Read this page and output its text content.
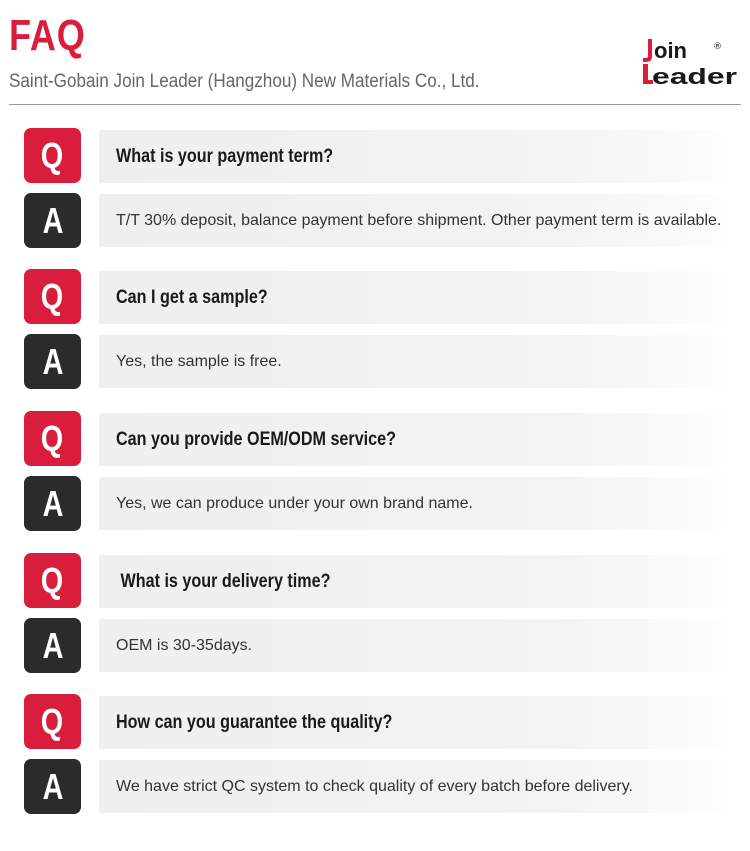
FAQ
Saint-Gobain Join Leader (Hangzhou) New Materials Co., Ltd.
oin
eader
®
Q	What is your payment term?
A	T/T 30% deposit, balance payment before shipment. Other payment term is available.
Q	Can I get a sample?
A	Yes, the sample is free.
Q	Can you provide OEM/ODM service?
A	Yes, we can produce under your own brand name.
Q	What is your delivery time?
A	OEM is 30-35days.
Q	How can you guarantee the quality?
A	We have strict QC system to check quality of every batch before delivery.
